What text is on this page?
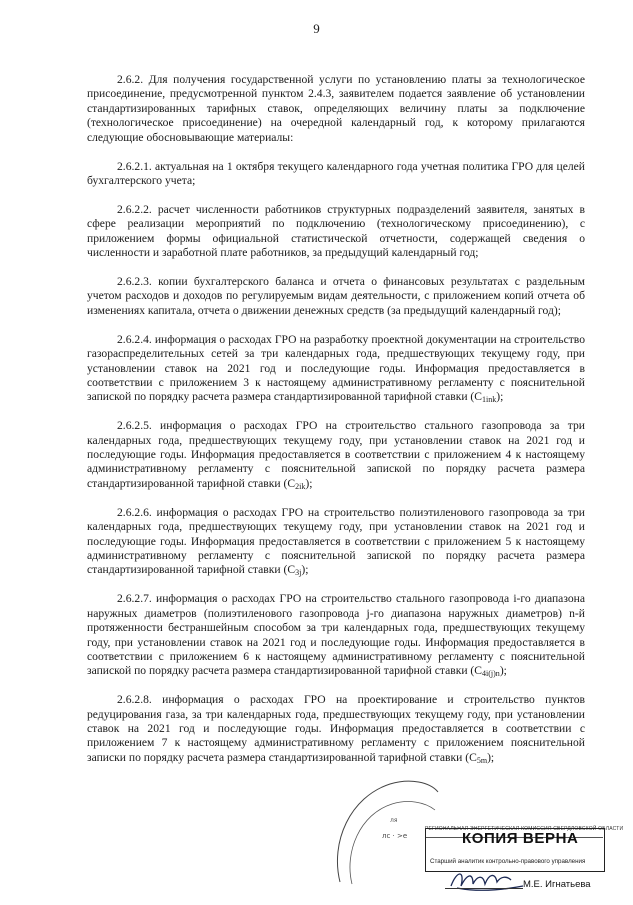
9

2.6.2. Для получения государственной услуги по установлению платы за технологическое присоединение, предусмотренной пунктом 2.4.3, заявителем подается заявление об установлении стандартизированных тарифных ставок, определяющих величину платы за подключение (технологическое присоединение) на очередной календарный год, к которому прилагаются следующие обосновывающие материалы:

2.6.2.1. актуальная на 1 октября текущего календарного года учетная политика ГРО для целей бухгалтерского учета;

2.6.2.2. расчет численности работников структурных подразделений заявителя, занятых в сфере реализации мероприятий по подключению (технологическому присоединению), с приложением формы официальной статистической отчетности, содержащей сведения о численности и заработной плате работников, за предыдущий календарный год;

2.6.2.3. копии бухгалтерского баланса и отчета о финансовых результатах с раздельным учетом расходов и доходов по регулируемым видам деятельности, с приложением копий отчета об изменениях капитала, отчета о движении денежных средств (за предыдущий календарный год);

2.6.2.4. информация о расходах ГРО на разработку проектной документации на строительство газораспределительных сетей за три календарных года, предшествующих текущему году, при установлении ставок на 2021 год и последующие годы. Информация предоставляется в соответствии с приложением 3 к настоящему административному регламенту с пояснительной запиской по порядку расчета размера стандартизированной тарифной ставки $(C_{1ink})$;

2.6.2.5. информация о расходах ГРО на строительство стального газопровода за три календарных года, предшествующих текущему году, при установлении ставок на 2021 год и последующие годы. Информация предоставляется в соответствии с приложением 4 к настоящему административному регламенту с пояснительной запиской по порядку расчета размера стандартизированной тарифной ставки $(C_{2ik})$;

2.6.2.6. информация о расходах ГРО на строительство полиэтиленового газопровода за три календарных года, предшествующих текущему году, при установлении ставок на 2021 год и последующие годы. Информация предоставляется в соответствии с приложением 5 к настоящему административному регламенту с пояснительной запиской по порядку расчета размера стандартизированной тарифной ставки $(C_{3j})$;

2.6.2.7. информация о расходах ГРО на строительство стального газопровода i-го диапазона наружных диаметров (полиэтиленового газопровода j-го диапазона наружных диаметров) n-й протяженности бестраншейным способом за три календарных года, предшествующих текущему году, при установлении ставок на 2021 год и последующие годы. Информация предоставляется в соответствии с приложением 6 к настоящему административному регламенту с пояснительной запиской по порядку расчета размера стандартизированной тарифной ставки $(C_{4i(j)n})$;

2.6.2.8. информация о расходах ГРО на проектирование и строительство пунктов редуцирования газа, за три календарных года, предшествующих текущему году, при установлении ставок на 2021 год и последующие годы. Информация предоставляется в соответствии с приложением 7 к настоящему административному регламенту с приложением пояснительной записки по порядку расчета размера стандартизированной тарифной ставки $(C_{5m})$;

лс · >е
ля
РЕГИОНАЛЬНАЯ ЭНЕРГЕТИЧЕСКАЯ КОМИССИЯ СВЕРДЛОВСКОЙ ОБЛАСТИ
КОПИЯ ВЕРНА
Старший аналитик контрольно-правового управления
М.Е. Игнатьева
